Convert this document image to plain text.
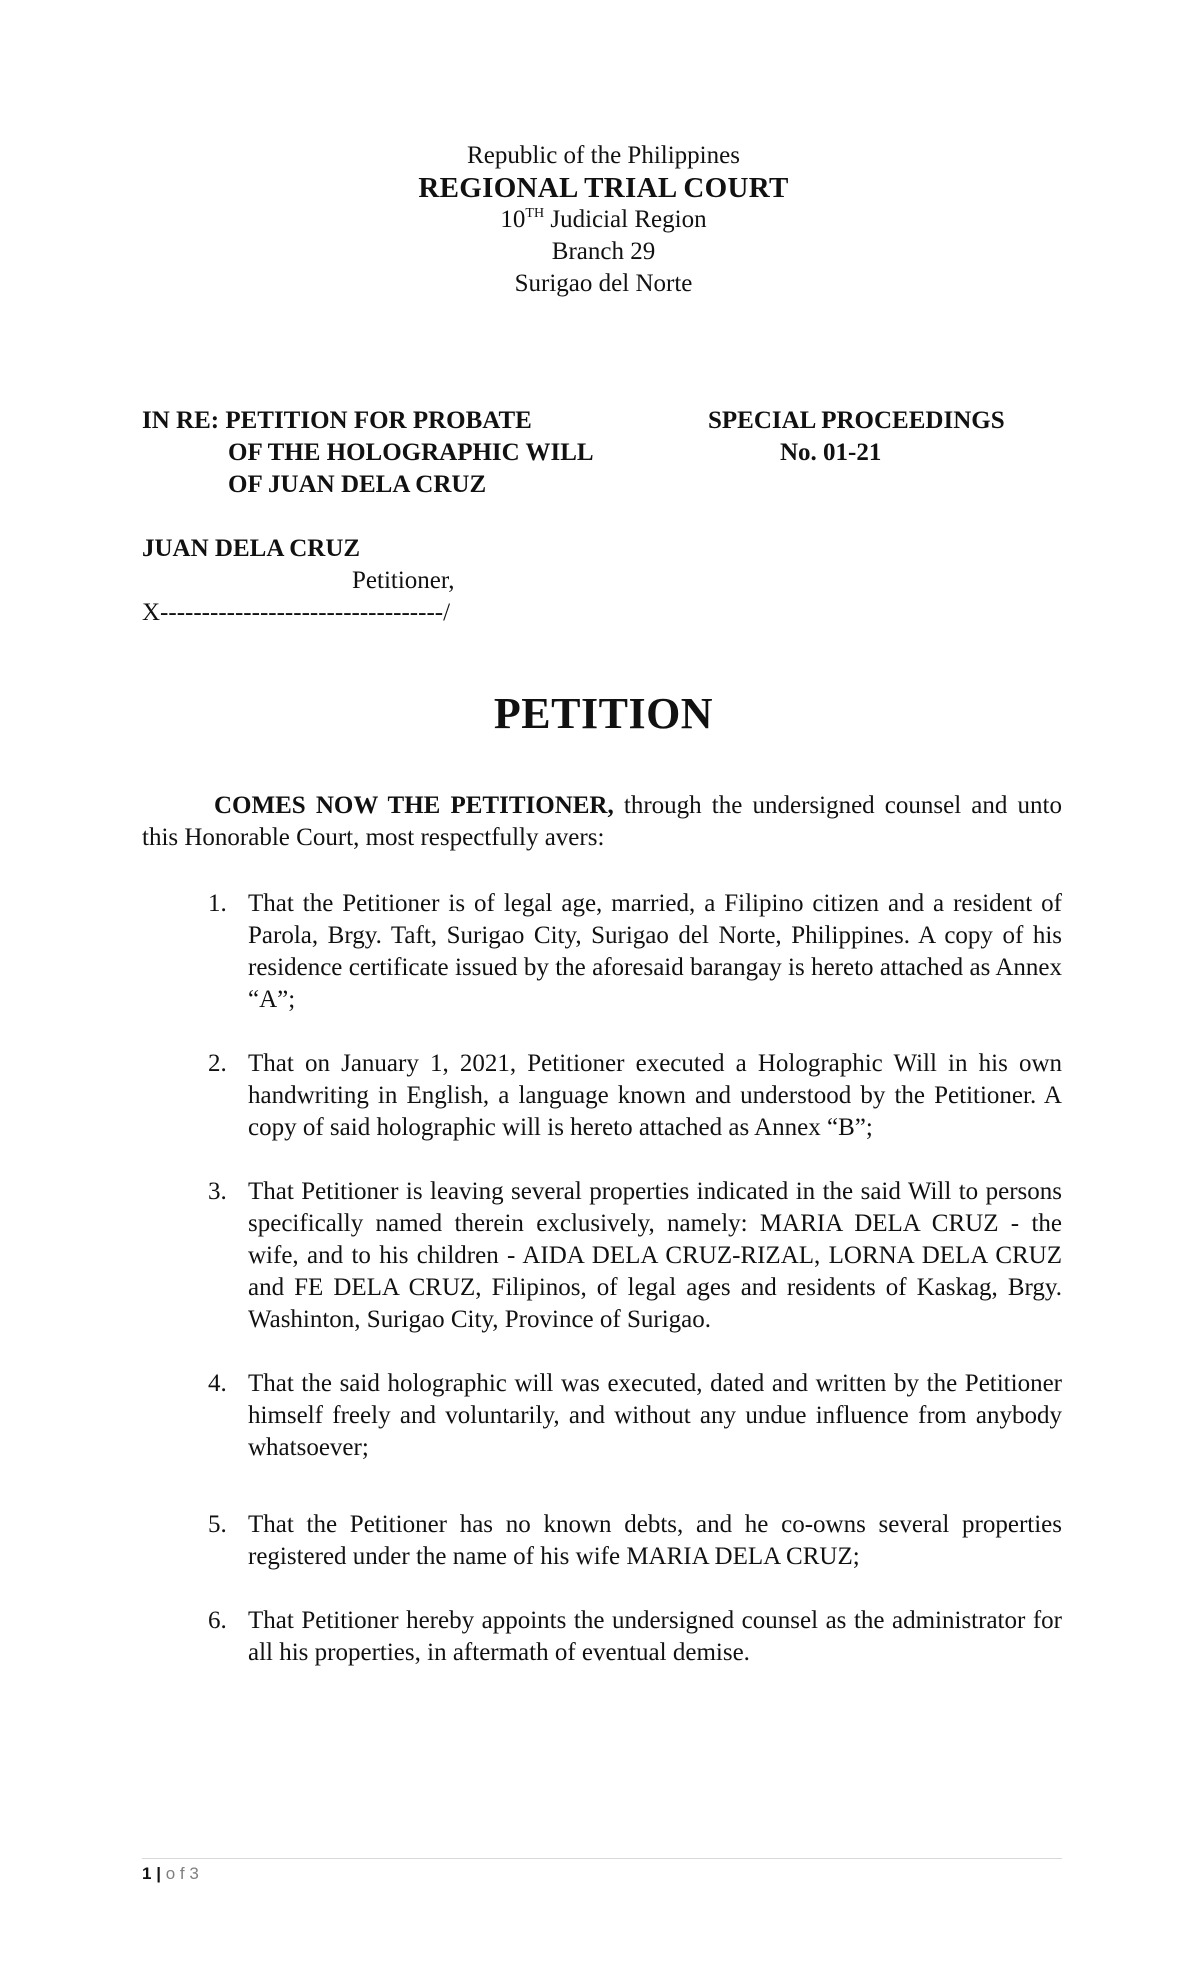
Republic of the Philippines
REGIONAL TRIAL COURT
10TH Judicial Region
Branch 29
Surigao del Norte
IN RE: PETITION FOR PROBATE
OF THE HOLOGRAPHIC WILL
OF JUAN DELA CRUZ
SPECIAL PROCEEDINGS
No. 01-21
JUAN DELA CRUZ
Petitioner,
X----------------------------------/
PETITION

COMES NOW THE PETITIONER, through the undersigned counsel and unto this Honorable Court, most respectfully avers:

1. That the Petitioner is of legal age, married, a Filipino citizen and a resident of Parola, Brgy. Taft, Surigao City, Surigao del Norte, Philippines. A copy of his residence certificate issued by the aforesaid barangay is hereto attached as Annex “A”;
2. That on January 1, 2021, Petitioner executed a Holographic Will in his own handwriting in English, a language known and understood by the Petitioner. A copy of said holographic will is hereto attached as Annex “B”;
3. That Petitioner is leaving several properties indicated in the said Will to persons specifically named therein exclusively, namely: MARIA DELA CRUZ - the wife, and to his children - AIDA DELA CRUZ-RIZAL, LORNA DELA CRUZ and FE DELA CRUZ, Filipinos, of legal ages and residents of Kaskag, Brgy. Washinton, Surigao City, Province of Surigao.
4. That the said holographic will was executed, dated and written by the Petitioner himself freely and voluntarily, and without any undue influence from anybody whatsoever;
5. That the Petitioner has no known debts, and he co-owns several properties registered under the name of his wife MARIA DELA CRUZ;
6. That Petitioner hereby appoints the undersigned counsel as the administrator for all his properties, in aftermath of eventual demise.
1 | o f 3
